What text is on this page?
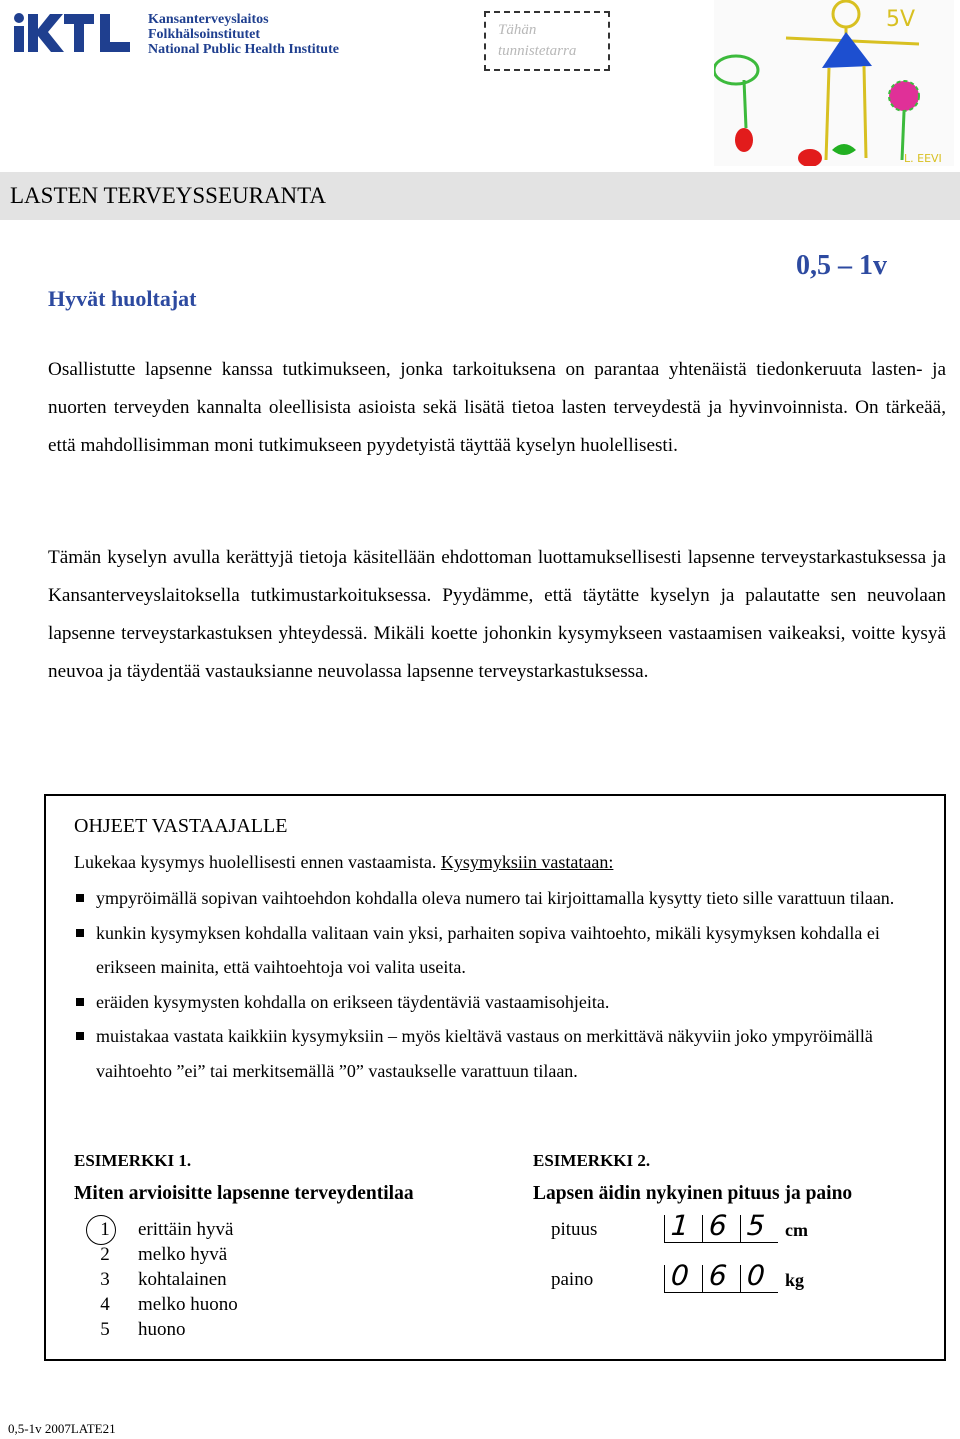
Kansanterveyslaitos
Folkhälsoinstitutet
National Public Health Institute
Tähän tunnistetarra
5V
L. EEVI
LASTEN TERVEYSSEURANTA
0,5 – 1v
Hyvät huoltajat
Osallistutte lapsenne kanssa tutkimukseen, jonka tarkoituksena on parantaa yhtenäistä tiedonkeruuta lasten- ja nuorten terveyden kannalta oleellisista asioista sekä lisätä tietoa lasten terveydestä ja hyvinvoinnista. On tärkeää, että mahdollisimman moni tutkimukseen pyydetyistä täyttää kyselyn huolellisesti.
Tämän kyselyn avulla kerättyjä tietoja käsitellään ehdottoman luottamuksellisesti lapsenne terveystarkastuksessa ja Kansanterveyslaitoksella tutkimustarkoituksessa. Pyydämme, että täytätte kyselyn ja palautatte sen neuvolaan lapsenne terveystarkastuksen yhteydessä. Mikäli koette johonkin kysymykseen vastaamisen vaikeaksi, voitte kysyä neuvoa ja täydentää vastauksianne neuvolassa lapsenne terveystarkastuksessa.
OHJEET VASTAAJALLE
Lukekaa kysymys huolellisesti ennen vastaamista. Kysymyksiin vastataan:
ympyröimällä sopivan vaihtoehdon kohdalla oleva numero tai kirjoittamalla kysytty tieto sille varattuun tilaan.
kunkin kysymyksen kohdalla valitaan vain yksi, parhaiten sopiva vaihtoehto, mikäli kysymyksen kohdalla ei erikseen mainita, että vaihtoehtoja voi valita useita.
eräiden kysymysten kohdalla on erikseen täydentäviä vastaamisohjeita.
muistakaa vastata kaikkiin kysymyksiin – myös kieltävä vastaus on merkittävä näkyviin joko ympyröimällä vaihtoehto ”ei” tai merkitsemällä ”0” vastaukselle varattuun tilaan.
ESIMERKKI 1.
Miten arvioisitte lapsenne terveydentilaa
1	erittäin hyvä
2	melko hyvä
3	kohtalainen
4	melko huono
5	huono
ESIMERKKI 2.
Lapsen äidin nykyinen pituus ja paino
pituus	1 6 5 cm
paino	0 6 0 kg
0,5-1v 2007LATE21
